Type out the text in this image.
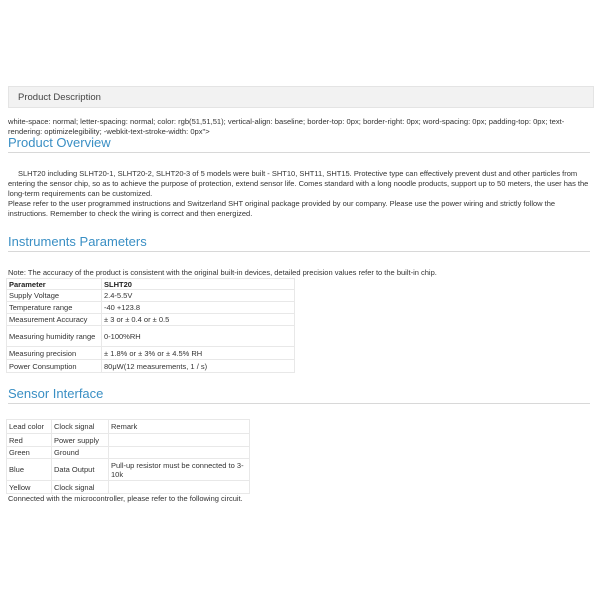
Product Description
white-space: normal; letter-spacing: normal; color: rgb(51,51,51); vertical-align: baseline; border-top: 0px; border-right: 0px; word-spacing: 0px; padding-top: 0px; text-rendering: optimizelegibility; -webkit-text-stroke-width: 0px">
Product Overview

SLHT20 including SLHT20-1, SLHT20-2, SLHT20-3 of 5 models were built - SHT10, SHT11, SHT15. Protective type can effectively prevent dust and other particles from entering the sensor chip, so as to achieve the purpose of protection, extend sensor life. Comes standard with a long noodle products, support up to 50 meters, the user has the long-term requirements can be customized.

Please refer to the user programmed instructions and Switzerland SHT original package provided by our company. Please use the power wiring and strictly follow the instructions. Remember to check the wiring is correct and then energized.

Instruments Parameters
Note: The accuracy of the product is consistent with the original built-in devices, detailed precision values refer to the built-in chip.
Parameter	SLHT20
Supply Voltage	2.4-5.5V
Temperature range	-40 +123.8
Measurement Accuracy	± 3 or ± 0.4 or ± 0.5
Measuring humidity range	0-100%RH
Measuring precision	± 1.8% or ± 3% or ± 4.5% RH
Power Consumption	80μW(12 measurements, 1 / s)
Sensor Interface
Lead color	Clock signal	Remark
Red	Power supply	
Green	Ground	
Blue	Data Output	Pull-up resistor must be connected to 3-10k
Yellow	Clock signal	
Connected with the microcontroller, please refer to the following circuit.
